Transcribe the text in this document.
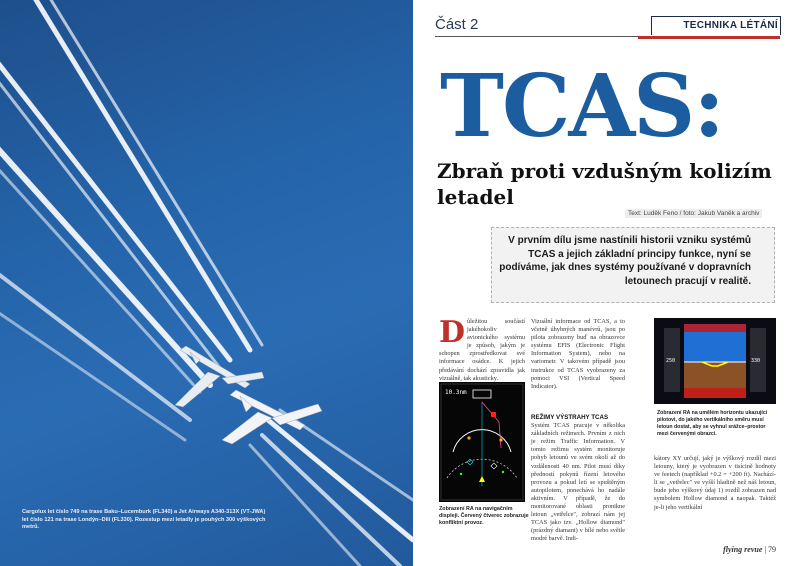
Cargolux let číslo 749 na trase Baku–Lucemburk (FL340) a Jet Airways A340-313X (VT-JWA) let číslo 121 na trase Londýn–Dilí (FL330). Rozestup mezi letadly je pouhých 300 výškových metrů.
Část 2	TECHNIKA LÉTÁNÍ
TCAS:
Zbraň proti vzdušným kolizím letadel
Text: Luděk Feno / foto: Jakub Vaněk a archiv
V prvním dílu jsme nastínili historii vzniku systémů TCAS a jejich základní principy funkce, nyní se podíváme, jak dnes systémy používané v dopravních letounech pracují v realitě.
D ůležitou součástí jakéhokoliv avionického systému je způsob, jakým je schopen zprostředkovat své informace osádce. K jejich předávání dochází zpravidla jak vizuálně, tak akusticky.
Vizuální informace od TCAS, a to včetně úhybných manévrů, jsou po pilota zobrazeny buď na obrazovce systému EFIS (Electronic Flight Information System), nebo na variometr. V takovém případě jsou instrukce od TCAS vyobrazeny za pomoci VSI (Vertical Speed Indicator).
REŽIMY VÝSTRAHY TCAS
Systém TCAS pracuje v několika základních režimech. Prvním z nich je režim Traffic Information. V tomto režimu systém monitoruje pohyb letounů ve svém okolí až do vzdálenosti 40 nm. Pilot musí díky předností pokynů řízení letového provozu a pokud letí se spuštěným autopilotem, ponechává ho nadále aktivním. V případě, že do monitorované oblasti pronikne letoun „vetřelce", zobrazí nám jej TCAS jako tzv. „Hollow diamond" (prázdný diamant) v bílé nebo světle modré barvě. Indi-
10.3nm
Zobrazení RA na navigačním displeji. Červený čtverec zobrazuje konfliktní provoz.
250	330
Zobrazení RA na umělém horizontu ukazující pilotovi, do jakého vertikálního směru musí letoun dostat, aby se vyhnul srážce–prostor mezi červenými obrazci.
kátory XY určují, jaký je výškový rozdíl mezi letouny, který je vyobrazen v tisícině hodnoty ve feetech (například +0.2 = +200 ft). Nachází-li se „vetřelec" ve vyšší hladině než náš letoun, bude jeho výškový údaj 1) rozdíl zobrazen nad symbolem Hollow diamond a naopak. Taktéž je-li jeho vertikální
flying revue | 79
